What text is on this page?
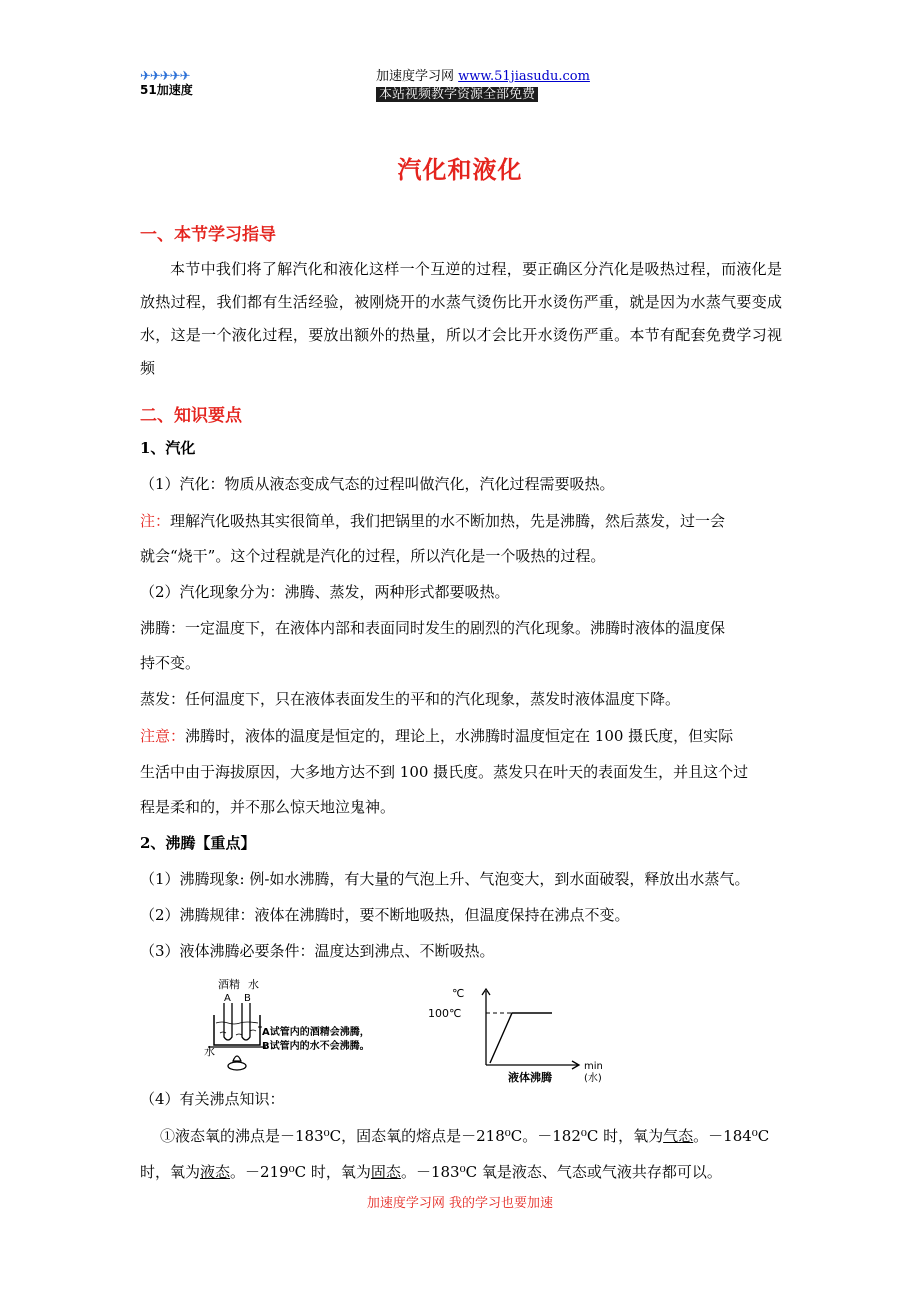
✈✈✈✈✈
51加速度
加速度学习网 www.51jiasudu.com
本站视频教学资源全部免费
汽化和液化
一、本节学习指导
本节中我们将了解汽化和液化这样一个互逆的过程，要正确区分汽化是吸热过程，而液化是放热过程，我们都有生活经验，被刚烧开的水蒸气烫伤比开水烫伤严重，就是因为水蒸气要变成水，这是一个液化过程，要放出额外的热量，所以才会比开水烫伤严重。本节有配套免费学习视频
二、知识要点
1、汽化
（1）汽化：物质从液态变成气态的过程叫做汽化，汽化过程需要吸热。
注：理解汽化吸热其实很简单，我们把锅里的水不断加热，先是沸腾，然后蒸发，过一会
就会“烧干”。这个过程就是汽化的过程，所以汽化是一个吸热的过程。
（2）汽化现象分为：沸腾、蒸发，两种形式都要吸热。
沸腾：一定温度下，在液体内部和表面同时发生的剧烈的汽化现象。沸腾时液体的温度保
持不变。
蒸发：任何温度下，只在液体表面发生的平和的汽化现象，蒸发时液体温度下降。
注意：沸腾时，液体的温度是恒定的，理论上，水沸腾时温度恒定在 100 摄氏度，但实际
生活中由于海拔原因，大多地方达不到 100 摄氏度。蒸发只在叶天的表面发生，并且这个过
程是柔和的，并不那么惊天地泣鬼神。
2、沸腾【重点】
（1）沸腾现象: 例-如水沸腾，有大量的气泡上升、气泡变大，到水面破裂，释放出水蒸气。
（2）沸腾规律：液体在沸腾时，要不断地吸热，但温度保持在沸点不变。
（3）液体沸腾必要条件：温度达到沸点、不断吸热。
酒精 水
A B
水
A试管内的酒精会沸腾，
B试管内的水不会沸腾。
℃
100℃
液体沸腾
min
(水)
（4）有关沸点知识：
①液态氧的沸点是－183⁰C，固态氧的熔点是－218⁰C。－182⁰C 时，氧为气态。－184⁰C
时，氧为液态。－219⁰C 时，氧为固态。－183⁰C 氧是液态、气态或气液共存都可以。
加速度学习网 我的学习也要加速
